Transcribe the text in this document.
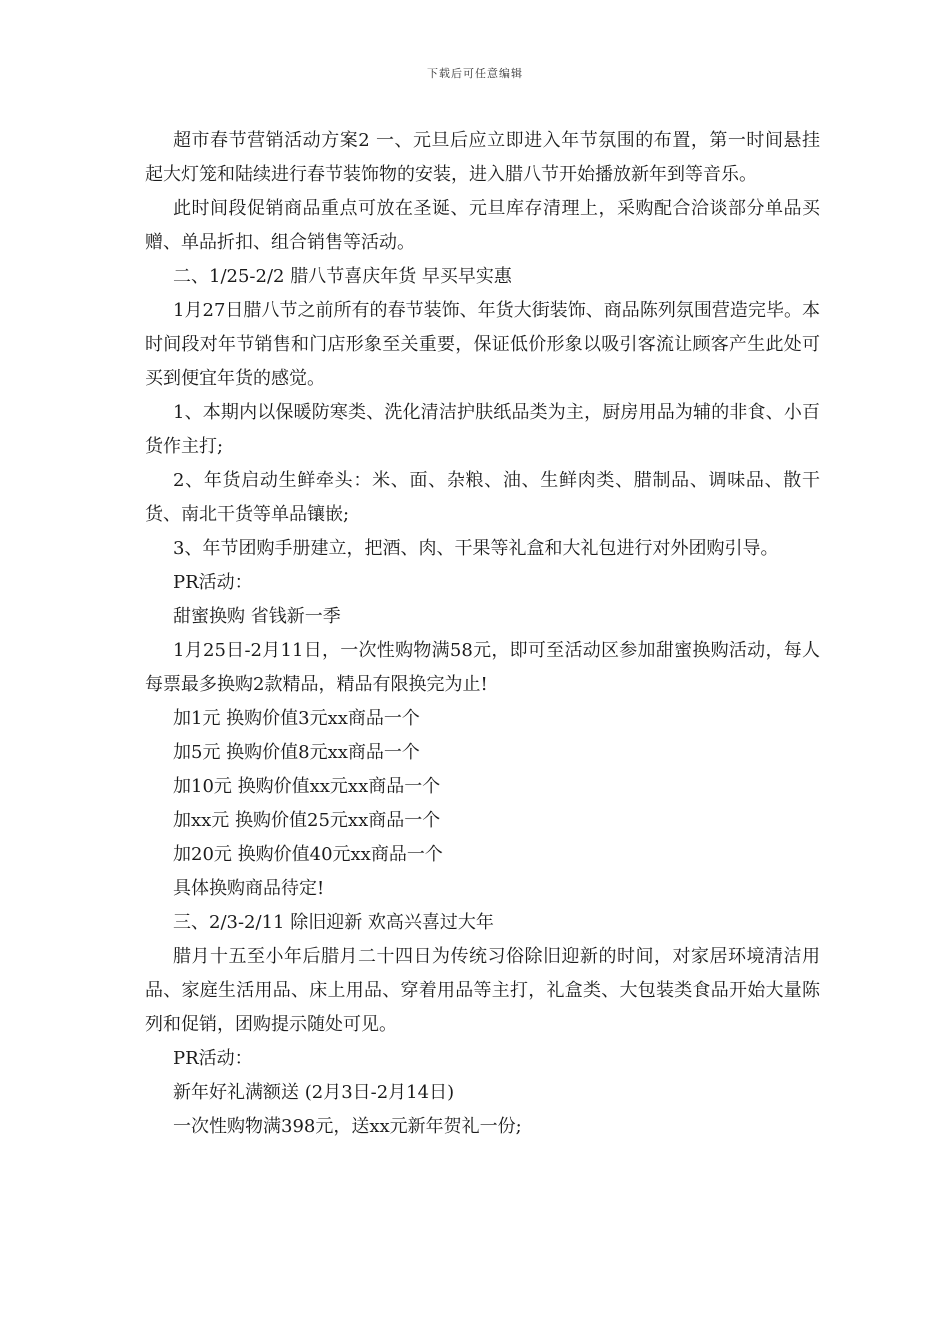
下载后可任意编辑

超市春节营销活动方案2 一、元旦后应立即进入年节氛围的布置，第一时间悬挂起大灯笼和陆续进行春节装饰物的安装，进入腊八节开始播放新年到等音乐。

此时间段促销商品重点可放在圣诞、元旦库存清理上，采购配合洽谈部分单品买赠、单品折扣、组合销售等活动。

二、1/25-2/2 腊八节喜庆年货 早买早实惠

1月27日腊八节之前所有的春节装饰、年货大街装饰、商品陈列氛围营造完毕。本时间段对年节销售和门店形象至关重要，保证低价形象以吸引客流让顾客产生此处可买到便宜年货的感觉。

1、本期内以保暖防寒类、洗化清洁护肤纸品类为主，厨房用品为辅的非食、小百货作主打;

2、年货启动生鲜牵头：米、面、杂粮、油、生鲜肉类、腊制品、调味品、散干货、南北干货等单品镶嵌;

3、年节团购手册建立，把酒、肉、干果等礼盒和大礼包进行对外团购引导。

PR活动：

甜蜜换购 省钱新一季

1月25日-2月11日，一次性购物满58元，即可至活动区参加甜蜜换购活动，每人每票最多换购2款精品，精品有限换完为止!

加1元 换购价值3元xx商品一个

加5元 换购价值8元xx商品一个

加10元 换购价值xx元xx商品一个

加xx元 换购价值25元xx商品一个

加20元 换购价值40元xx商品一个

具体换购商品待定!

三、2/3-2/11 除旧迎新 欢高兴喜过大年

腊月十五至小年后腊月二十四日为传统习俗除旧迎新的时间，对家居环境清洁用品、家庭生活用品、床上用品、穿着用品等主打，礼盒类、大包装类食品开始大量陈列和促销，团购提示随处可见。

PR活动：

新年好礼满额送 (2月3日-2月14日)

一次性购物满398元，送xx元新年贺礼一份;
